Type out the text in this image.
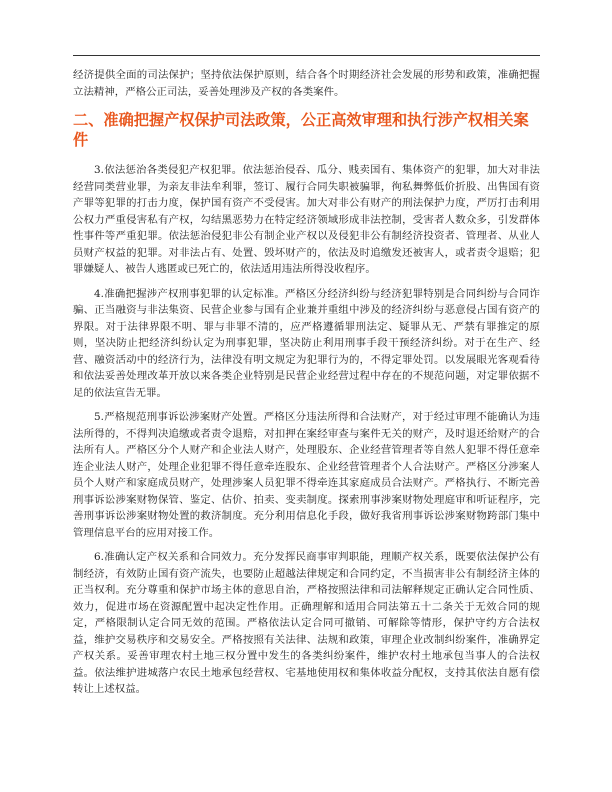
经济提供全面的司法保护；坚持依法保护原则，结合各个时期经济社会发展的形势和政策，准确把握立法精神，严格公正司法，妥善处理涉及产权的各类案件。

二、准确把握产权保护司法政策，公正高效审理和执行涉产权相关案件

3.依法惩治各类侵犯产权犯罪。依法惩治侵吞、瓜分、贱卖国有、集体资产的犯罪，加大对非法经营同类营业罪，为亲友非法牟利罪，签订、履行合同失职被骗罪，徇私舞弊低价折股、出售国有资产罪等犯罪的打击力度，保护国有资产不受侵害。加大对非公有财产的刑法保护力度，严厉打击利用公权力严重侵害私有产权，勾结黑恶势力在特定经济领域形成非法控制，受害者人数众多，引发群体性事件等严重犯罪。依法惩治侵犯非公有制企业产权以及侵犯非公有制经济投资者、管理者、从业人员财产权益的犯罪。对非法占有、处置、毁坏财产的，依法及时追缴发还被害人，或者责令退赔；犯罪嫌疑人、被告人逃匿或已死亡的，依法适用违法所得没收程序。

4.准确把握涉产权刑事犯罪的认定标准。严格区分经济纠纷与经济犯罪特别是合同纠纷与合同诈骗、正当融资与非法集资、民营企业参与国有企业兼并重组中涉及的经济纠纷与恶意侵占国有资产的界限。对于法律界限不明、罪与非罪不清的，应严格遵循罪刑法定、疑罪从无、严禁有罪推定的原则，坚决防止把经济纠纷认定为刑事犯罪，坚决防止利用刑事手段干预经济纠纷。对于在生产、经营、融资活动中的经济行为，法律没有明文规定为犯罪行为的，不得定罪处罚。以发展眼光客观看待和依法妥善处理改革开放以来各类企业特别是民营企业经营过程中存在的不规范问题，对定罪依据不足的依法宣告无罪。

5.严格规范刑事诉讼涉案财产处置。严格区分违法所得和合法财产，对于经过审理不能确认为违法所得的，不得判决追缴或者责令退赔，对扣押在案经审查与案件无关的财产，及时退还给财产的合法所有人。严格区分个人财产和企业法人财产，处理股东、企业经营管理者等自然人犯罪不得任意牵连企业法人财产，处理企业犯罪不得任意牵连股东、企业经营管理者个人合法财产。严格区分涉案人员个人财产和家庭成员财产，处理涉案人员犯罪不得牵连其家庭成员合法财产。严格执行、不断完善刑事诉讼涉案财物保管、鉴定、估价、拍卖、变卖制度。探索刑事涉案财物处理庭审和听证程序，完善刑事诉讼涉案财物处置的救济制度。充分利用信息化手段，做好我省刑事诉讼涉案财物跨部门集中管理信息平台的应用对接工作。

6.准确认定产权关系和合同效力。充分发挥民商事审判职能，理顺产权关系，既要依法保护公有制经济，有效防止国有资产流失，也要防止超越法律规定和合同约定，不当损害非公有制经济主体的正当权利。充分尊重和保护市场主体的意思自治，严格按照法律和司法解释规定正确认定合同性质、效力，促进市场在资源配置中起决定性作用。正确理解和适用合同法第五十二条关于无效合同的规定，严格限制认定合同无效的范围。严格依法认定合同可撤销、可解除等情形，保护守约方合法权益，维护交易秩序和交易安全。严格按照有关法律、法规和政策，审理企业改制纠纷案件，准确界定产权关系。妥善审理农村土地三权分置中发生的各类纠纷案件，维护农村土地承包当事人的合法权益。依法维护进城落户农民土地承包经营权、宅基地使用权和集体收益分配权，支持其依法自愿有偿转让上述权益。
